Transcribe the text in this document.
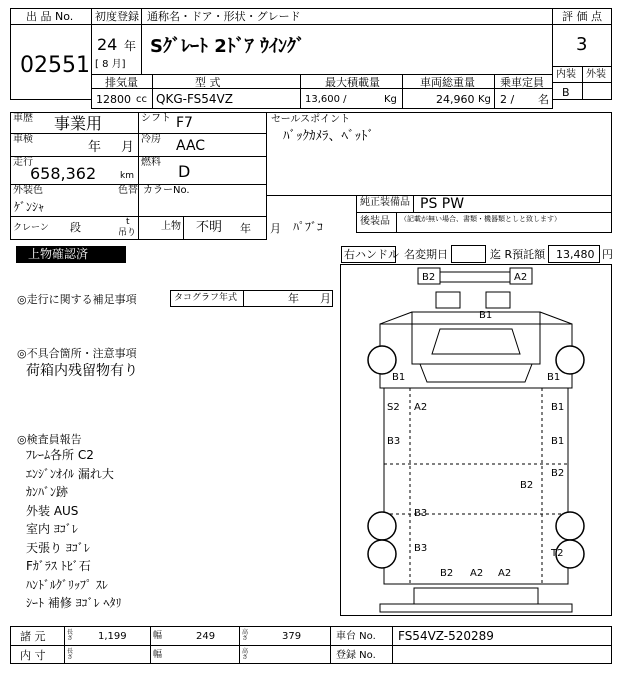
出 品 No.
02551
初度登録 通称名・ドア・形状・グレード
24 年
[ 8 月]
Sｸﾞﾚｰﾄ 2ﾄﾞｱ ｳｲﾝｸﾞ
評 価 点
3
内装 外装
B
排気量	型 式	最大積載量	車両総重量 乗車定員
12800 cc QKG-FS54VZ	13,600 /	Kg	24,960 Kg 2 / 名
車歴 事業用	シフト F7
車検
年 月
冷房 AAC
走行
658,362	km
燃料 D
外装色
ｹﾞﾝｼｬ
色替 カラーNo.
クレーン 段	t
吊り
上物 不明 年 月 ﾊﾟﾌﾞｺ
セールスポイント
ﾊﾞｯｸｶﾒﾗ、ﾍﾞｯﾄﾞ
純正装備品 PS PW
後装品 （記載が無い場合、書類・機器類としと致します）
上物確認済	右ハンドル 名変期日	迄 R預託額 13,480 円
◎走行に関する補足事項	タコグラフ年式	年 月
◎不具合箇所・注意事項
荷箱内残留物有り
◎検査員報告
ﾌﾚｰﾑ各所 C2
ｴﾝｼﾞﾝｵｲﾙ 漏れ大
ｶﾝﾊﾞﾝ跡
外装 AUS
室内 ﾖｺﾞﾚ
天張り ﾖｺﾞﾚ
Fｶﾞﾗｽ ﾄﾋﾞ石
ﾊﾝﾄﾞﾙｸﾞﾘｯﾌﾟ ｽﾚ
ｼｰﾄ 補修 ﾖｺﾞﾚ ﾍﾀﾘ
B2	A2
B1
B1	B1
S2 A2	B1
B3	B1
B2
B2
B3
B3	T2
B2 A2 A2
諸 元	長さ 1,199	幅	249	高さ	379	車台 No. FS54VZ-520289
内 寸	長さ	幅	高さ	登録 No.
